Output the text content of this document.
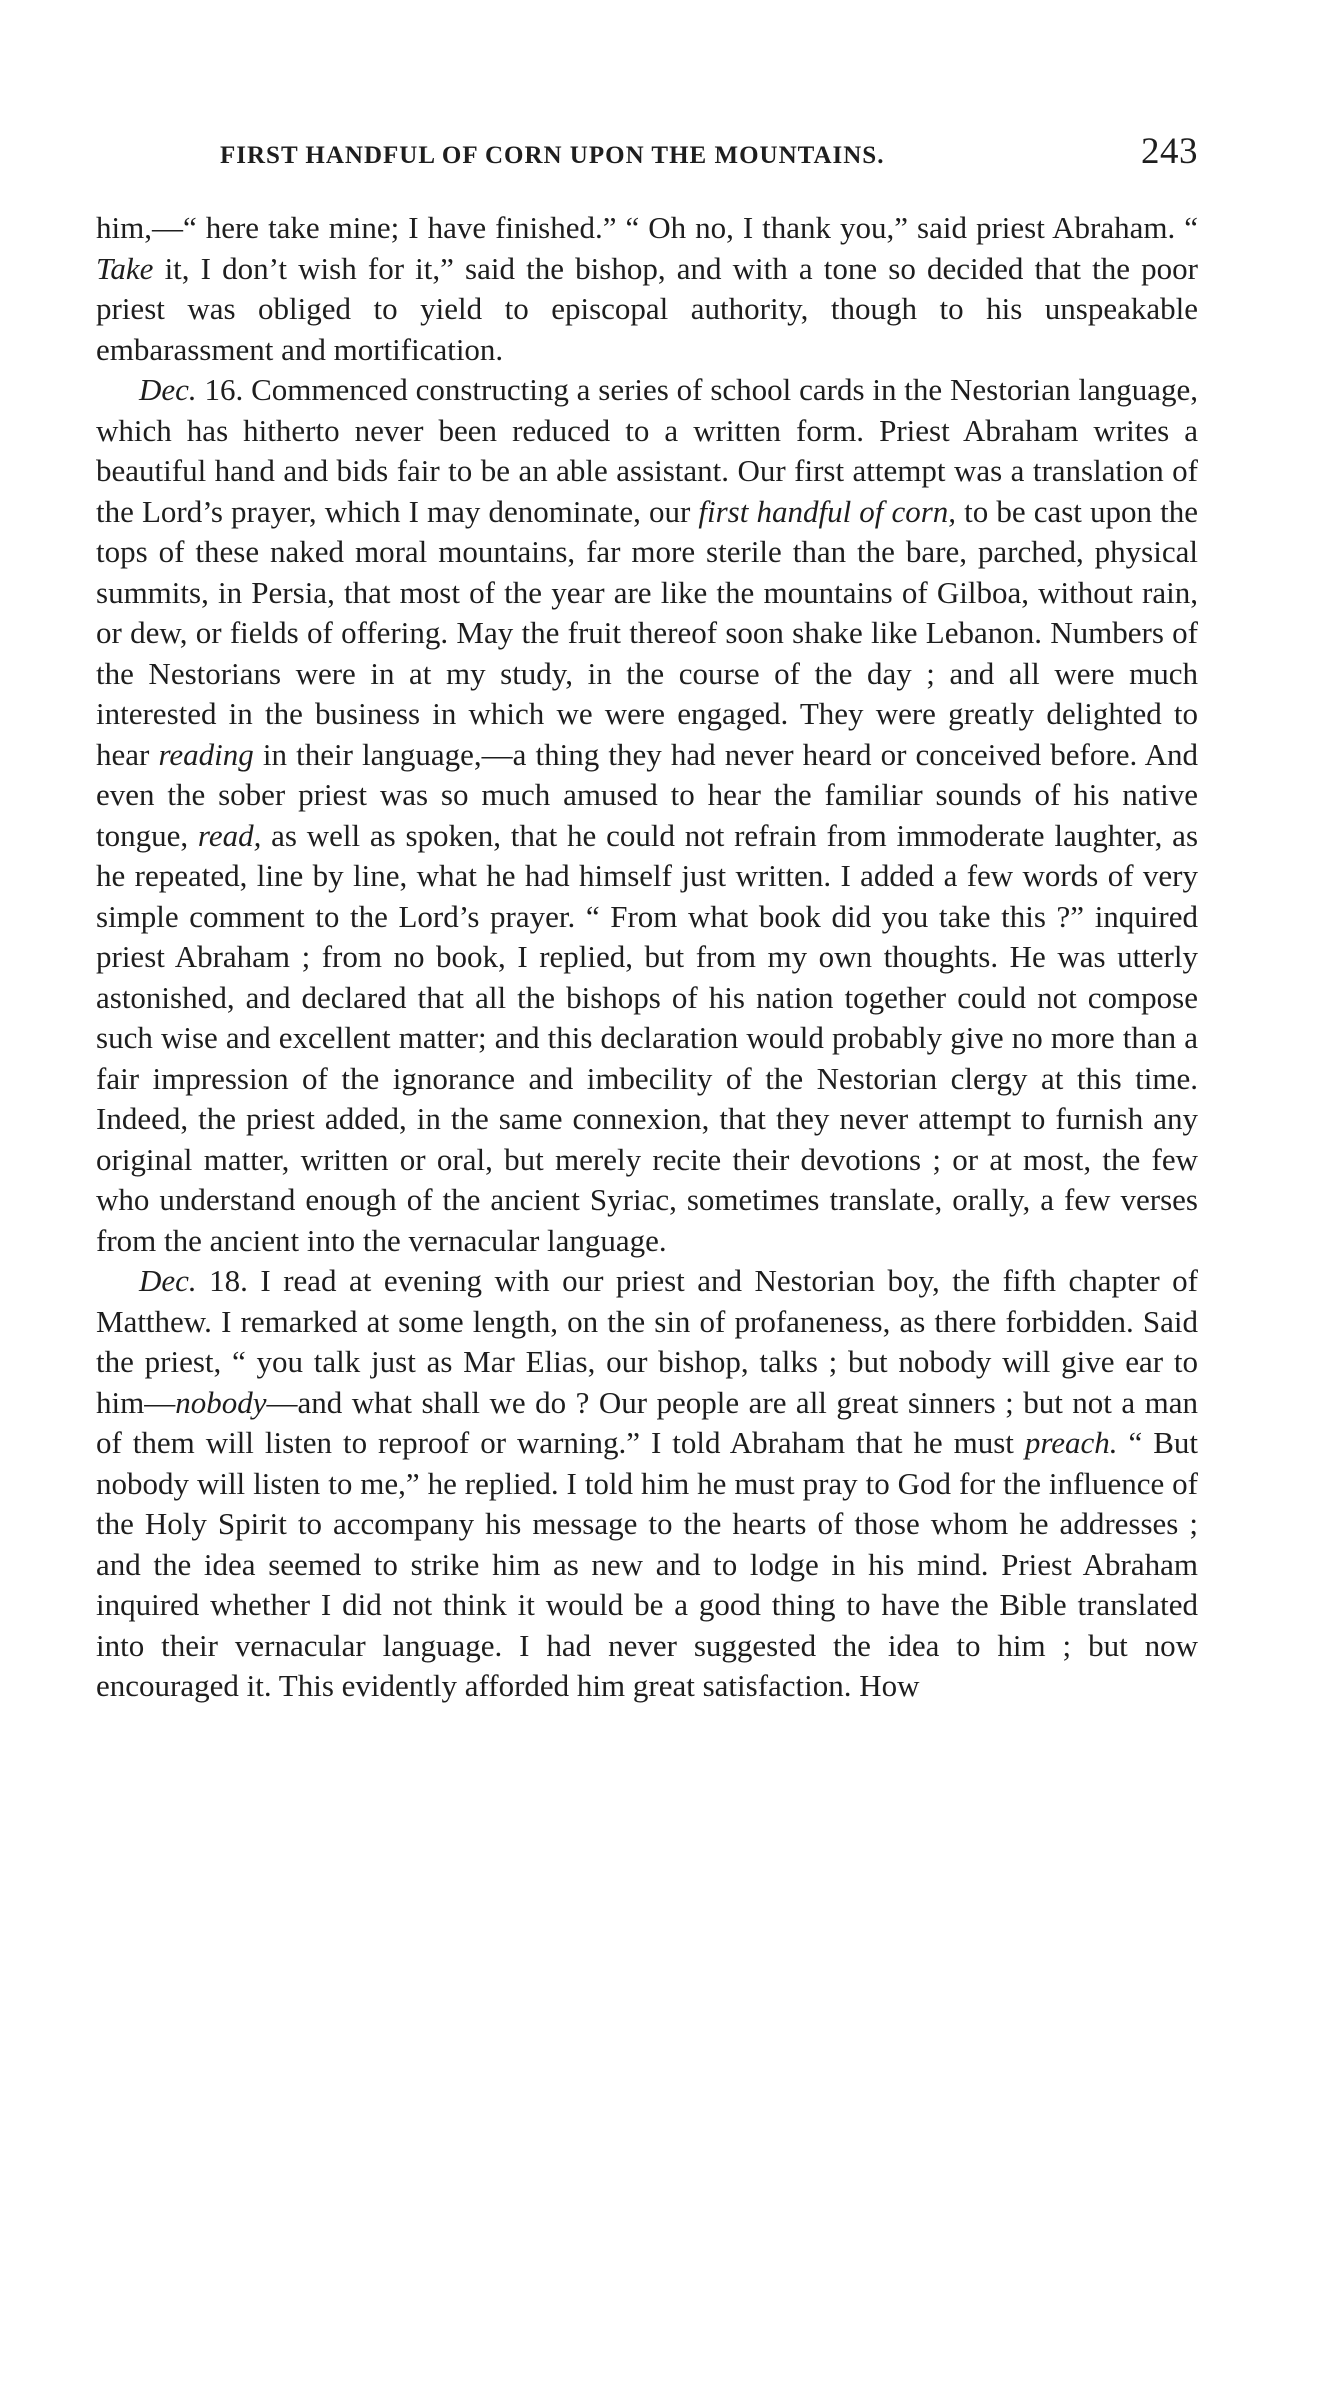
FIRST HANDFUL OF CORN UPON THE MOUNTAINS.	243

him,—“ here take mine; I have finished.” “ Oh no, I thank you,” said priest Abraham. “ Take it, I don’t wish for it,” said the bishop, and with a tone so decided that the poor priest was obliged to yield to episcopal authority, though to his unspeakable embarassment and mortification.

Dec. 16. Commenced constructing a series of school cards in the Nestorian language, which has hitherto never been reduced to a written form. Priest Abraham writes a beautiful hand and bids fair to be an able assistant. Our first attempt was a translation of the Lord’s prayer, which I may denominate, our first handful of corn, to be cast upon the tops of these naked moral mountains, far more sterile than the bare, parched, physical summits, in Persia, that most of the year are like the mountains of Gilboa, without rain, or dew, or fields of offering. May the fruit thereof soon shake like Lebanon. Numbers of the Nestorians were in at my study, in the course of the day ; and all were much interested in the business in which we were engaged. They were greatly delighted to hear reading in their language,—a thing they had never heard or conceived before. And even the sober priest was so much amused to hear the familiar sounds of his native tongue, read, as well as spoken, that he could not refrain from immoderate laughter, as he repeated, line by line, what he had himself just written. I added a few words of very simple comment to the Lord’s prayer. “ From what book did you take this ?” inquired priest Abraham ; from no book, I replied, but from my own thoughts. He was utterly astonished, and declared that all the bishops of his nation together could not compose such wise and excellent matter; and this declaration would probably give no more than a fair impression of the ignorance and imbecility of the Nestorian clergy at this time. Indeed, the priest added, in the same connexion, that they never attempt to furnish any original matter, written or oral, but merely recite their devotions ; or at most, the few who understand enough of the ancient Syriac, sometimes translate, orally, a few verses from the ancient into the vernacular language.

Dec. 18. I read at evening with our priest and Nestorian boy, the fifth chapter of Matthew. I remarked at some length, on the sin of profaneness, as there forbidden. Said the priest, “ you talk just as Mar Elias, our bishop, talks ; but nobody will give ear to him—nobody—and what shall we do ? Our people are all great sinners ; but not a man of them will listen to reproof or warning.” I told Abraham that he must preach. “ But nobody will listen to me,” he replied. I told him he must pray to God for the influence of the Holy Spirit to accompany his message to the hearts of those whom he addresses ; and the idea seemed to strike him as new and to lodge in his mind. Priest Abraham inquired whether I did not think it would be a good thing to have the Bible translated into their vernacular language. I had never suggested the idea to him ; but now encouraged it. This evidently afforded him great satisfaction. How
